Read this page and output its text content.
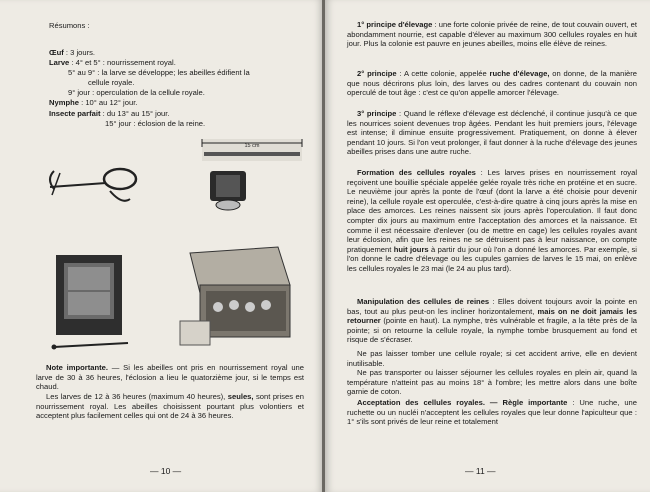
Résumons :
Œuf : 3 jours.
Larve : 4° et 5° : nourrissement royal.
5° au 9° : la larve se développe; les abeilles édifient la
cellule royale.
9° jour : operculation de la cellule royale.
Nymphe : 10° au 12° jour.
Insecte parfait : du 13° au 15° jour.
15° jour : éclosion de la reine.
15 cm
Note importante. — Si les abeilles ont pris en nourrissement royal une larve de 30 à 36 heures, l'éclosion a lieu le quatorzième jour, si le temps est chaud.
Les larves de 12 à 36 heures (maximum 40 heures), seules, sont prises en nourrissement royal. Les abeilles choisissent pourtant plus volontiers et acceptent plus facilement celles qui ont de 24 à 36 heures.
— 10 —
1° principe d'élevage : une forte colonie privée de reine, de tout couvain ouvert, et abondamment nourrie, est capable d'élever au maximum 300 cellules royales en huit jour. Plus la colonie est pauvre en jeunes abeilles, moins elle élève de reines.
2° principe : A cette colonie, appelée ruche d'élevage, on donne, de la manière que nous décrirons plus loin, des larves ou des cadres contenant du couvain non operculé de tout âge : c'est ce qu'on appelle amorcer l'élevage.
3° principe : Quand le réflexe d'élevage est déclenché, il continue jusqu'à ce que les nourrices soient devenues trop âgées. Pendant les huit premiers jours, l'élevage est intense; il diminue ensuite progressivement. Pratiquement, on donne à élever pendant 10 jours. Si l'on veut prolonger, il faut donner à la ruche d'élevage des jeunes abeilles prises dans une autre ruche.
Formation des cellules royales : Les larves prises en nourrissement royal reçoivent une bouillie spéciale appelée gelée royale très riche en protéine et en sucre. Le neuvième jour après la ponte de l'œuf (dont la larve a été choisie pour devenir reine), la cellule royale est operculée, c'est-à-dire quatre à cinq jours après la mise en place des amorces. Les reines naissent six jours après l'operculation. Il faut donc compter dix jours au maximum entre l'acceptation des amorces et la naissance. Et comme il est nécessaire d'enlever (ou de mettre en cage) les cellules royales avant leur éclosion, afin que les reines ne se détruisent pas à leur naissance, on compte pratiquement huit jours à partir du jour où l'on a donné les amorces. Par exemple, si l'on donne le cadre d'élevage ou les cupules garnies de larves le 15 mai, on enlève les cellules royales le 23 mai (le 24 au plus tard).
Manipulation des cellules de reines : Elles doivent toujours avoir la pointe en bas, tout au plus peut-on les incliner horizontalement, mais on ne doit jamais les retourner (pointe en haut). La nymphe, très vulnérable et fragile, a la tête près de la pointe; si on retourne la cellule royale, la nymphe tombe brusquement au fond et risque de s'écraser.
Ne pas laisser tomber une cellule royale; si cet accident arrive, elle en devient inutilisable.
Ne pas transporter ou laisser séjourner les cellules royales en plein air, quand la température n'atteint pas au moins 18° à l'ombre; les mettre alors dans une boîte garnie de coton.
Acceptation des cellules royales. — Règle importante : Une ruche, une ruchette ou un nucléi n'acceptent les cellules royales que leur donne l'apiculteur que : 1° s'ils sont privés de leur reine et totalement
— 11 —
